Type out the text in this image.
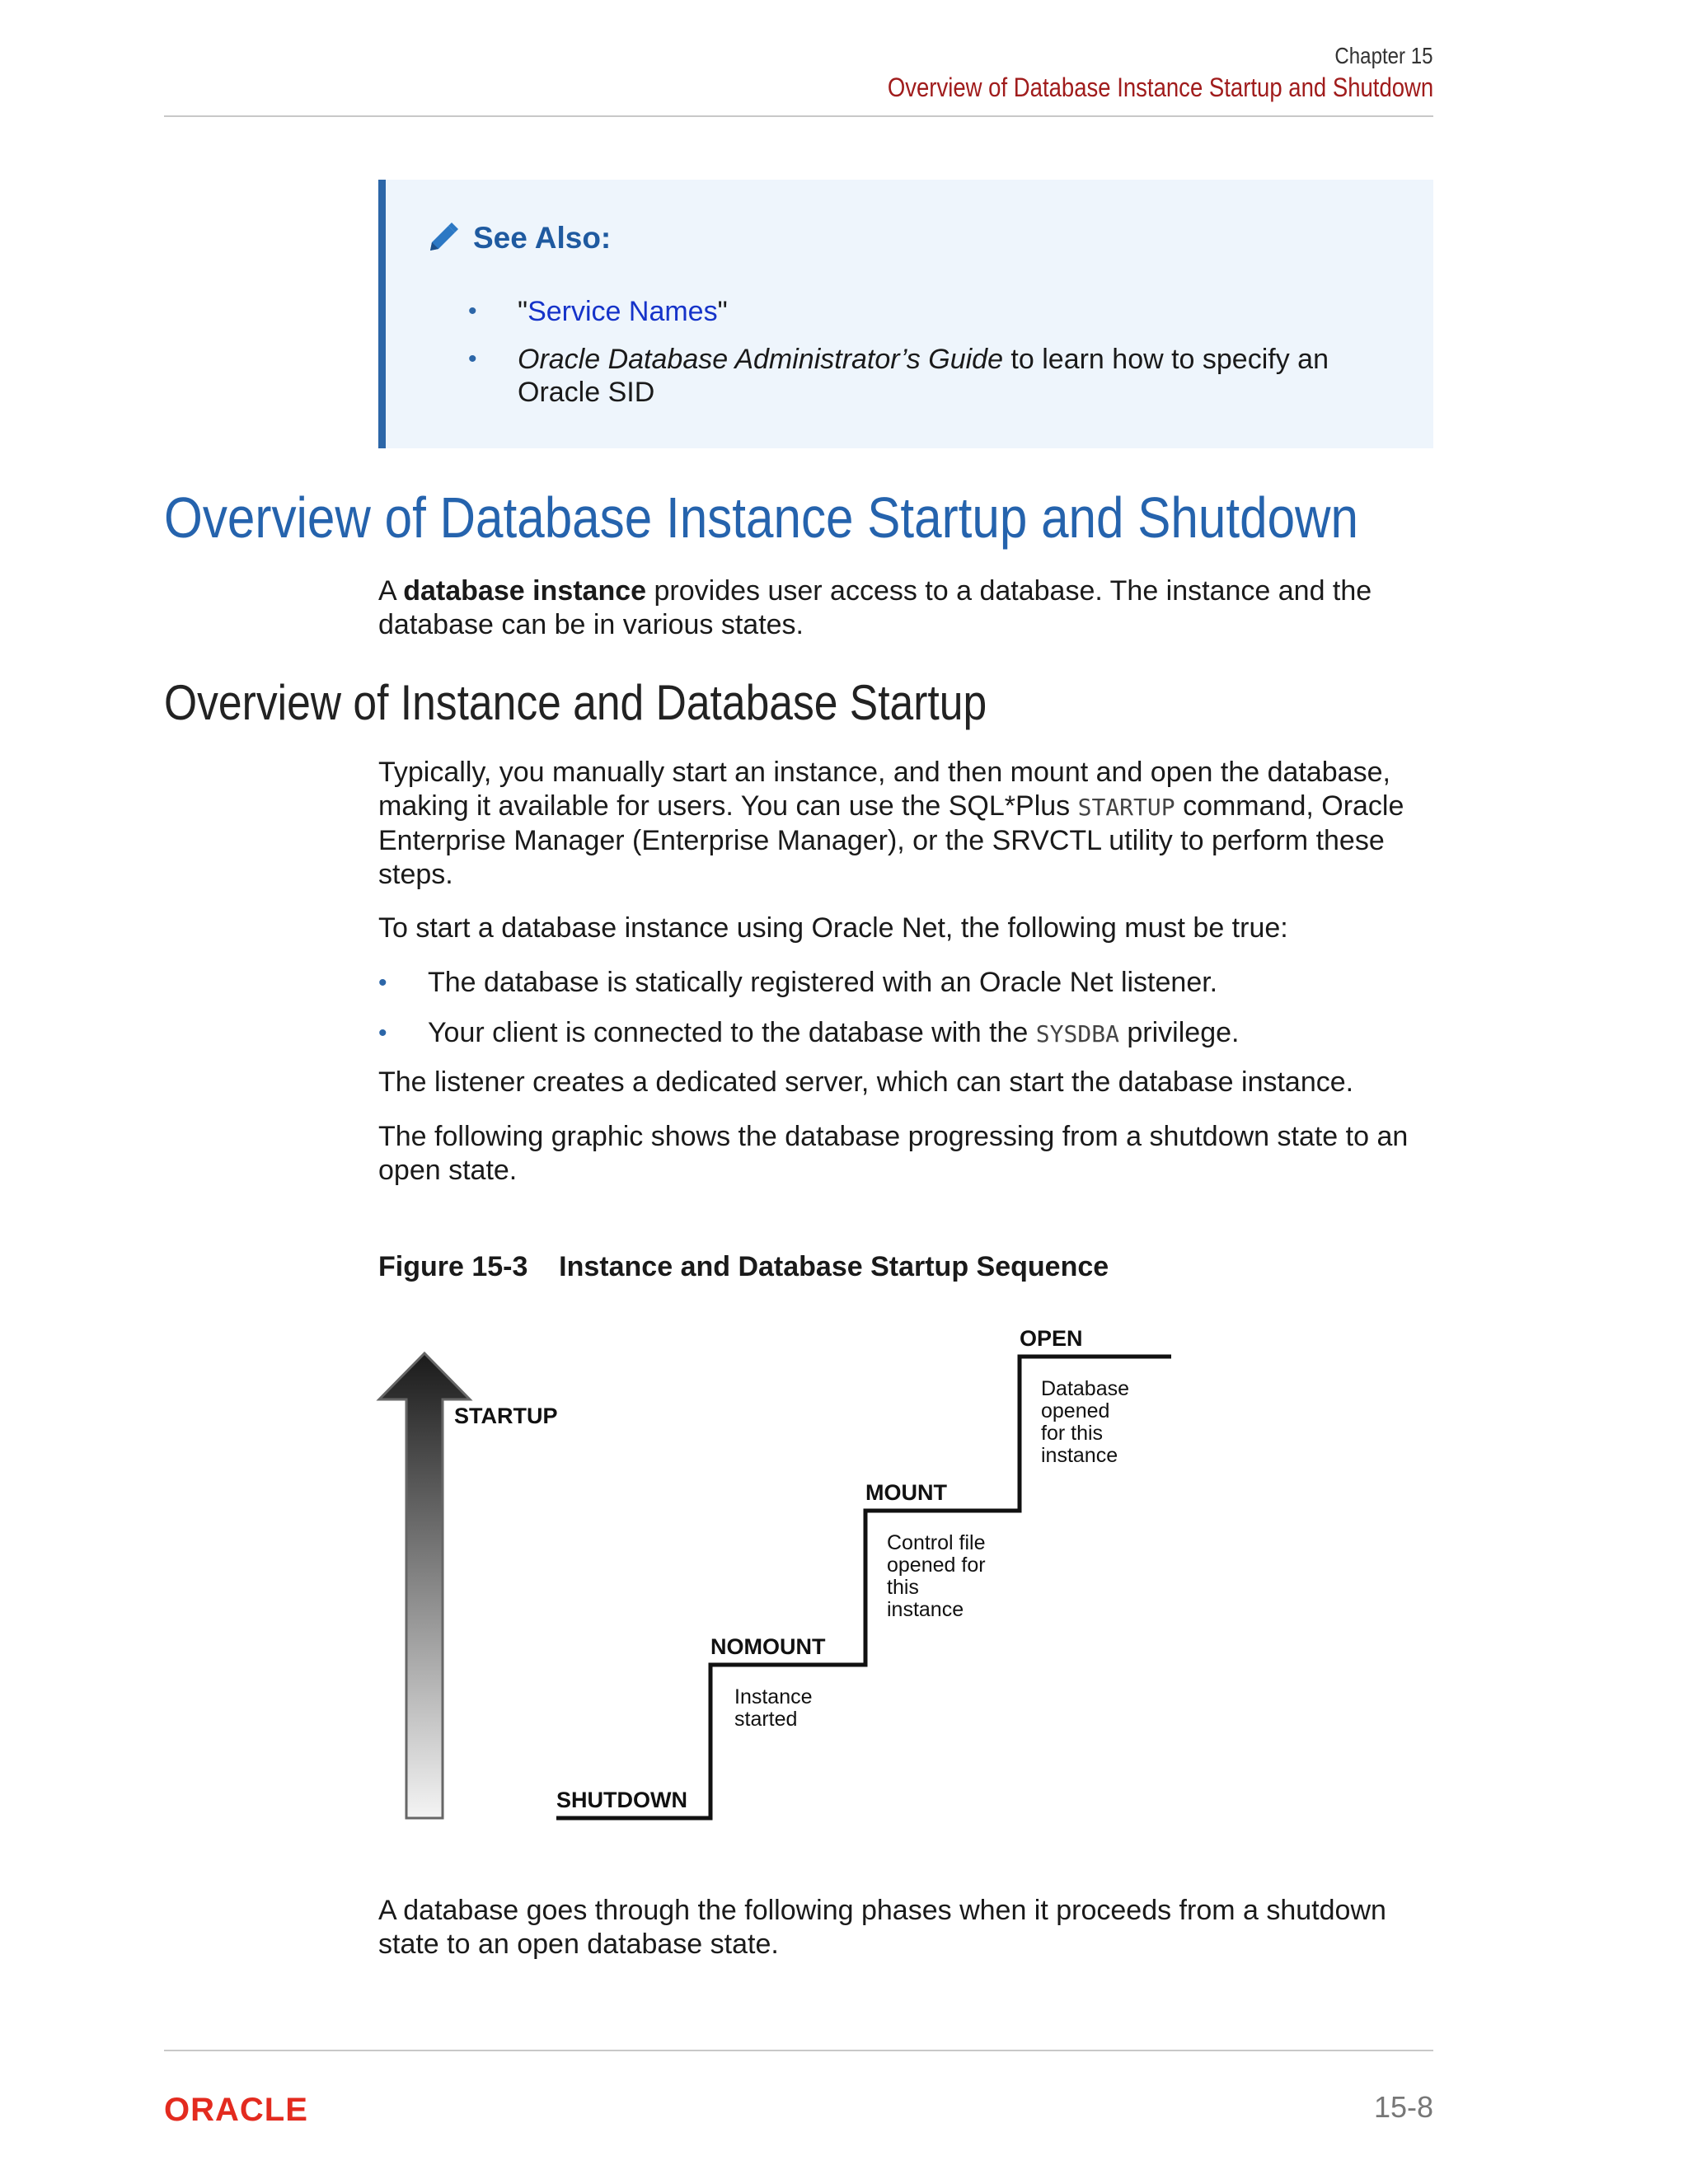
Chapter 15
Overview of Database Instance Startup and Shutdown
See Also:
• "Service Names"
• Oracle Database Administrator’s Guide to learn how to specify an Oracle SID
Overview of Database Instance Startup and Shutdown
A database instance provides user access to a database. The instance and the database can be in various states.
Overview of Instance and Database Startup
Typically, you manually start an instance, and then mount and open the database, making it available for users. You can use the SQL*Plus STARTUP command, Oracle Enterprise Manager (Enterprise Manager), or the SRVCTL utility to perform these steps.
To start a database instance using Oracle Net, the following must be true:
• The database is statically registered with an Oracle Net listener.
• Your client is connected to the database with the SYSDBA privilege.
The listener creates a dedicated server, which can start the database instance.
The following graphic shows the database progressing from a shutdown state to an open state.
Figure 15-3    Instance and Database Startup Sequence
STARTUP
SHUTDOWN
NOMOUNT
MOUNT
OPEN
Instance
started
Control file
opened for
this
instance
Database
opened
for this
instance
A database goes through the following phases when it proceeds from a shutdown state to an open database state.
ORACLE	15-8
